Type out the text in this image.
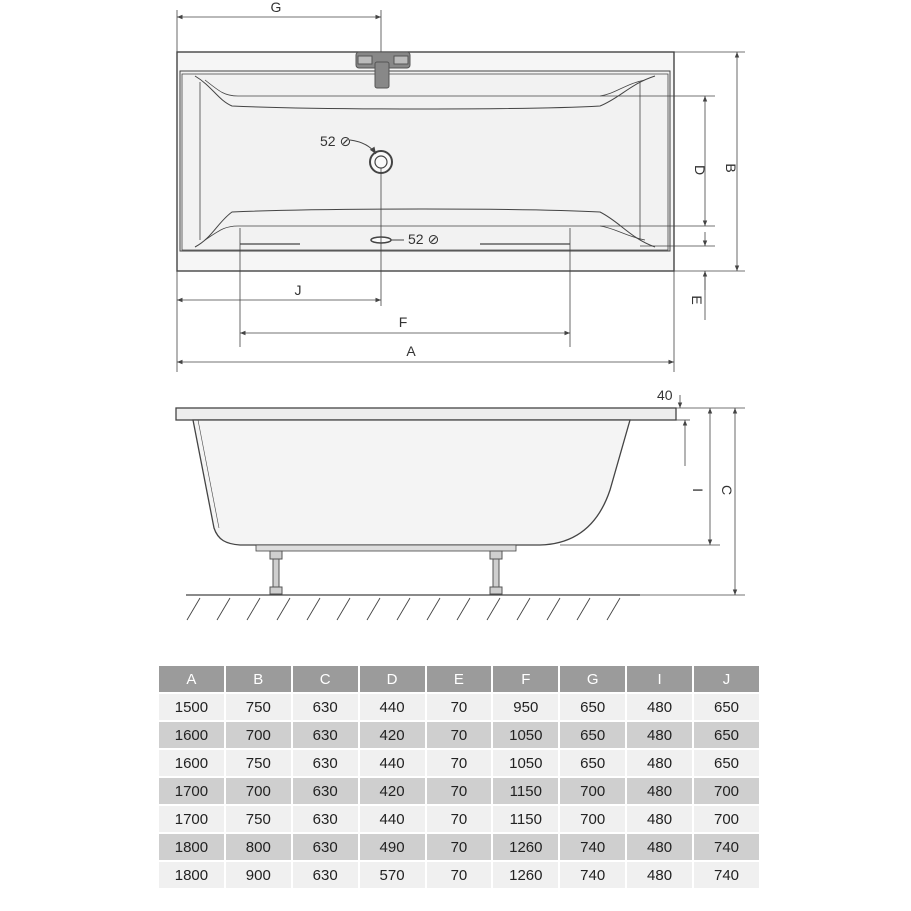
G
52 ⊘
52 ⊘
J
F
A
D B
E
40
I C
A	B	C	D	E	F	G	I	J
1500	750	630	440	70	950	650	480	650
1600	700	630	420	70	1050	650	480	650
1600	750	630	440	70	1050	650	480	650
1700	700	630	420	70	1150	700	480	700
1700	750	630	440	70	1150	700	480	700
1800	800	630	490	70	1260	740	480	740
1800	900	630	570	70	1260	740	480	740
